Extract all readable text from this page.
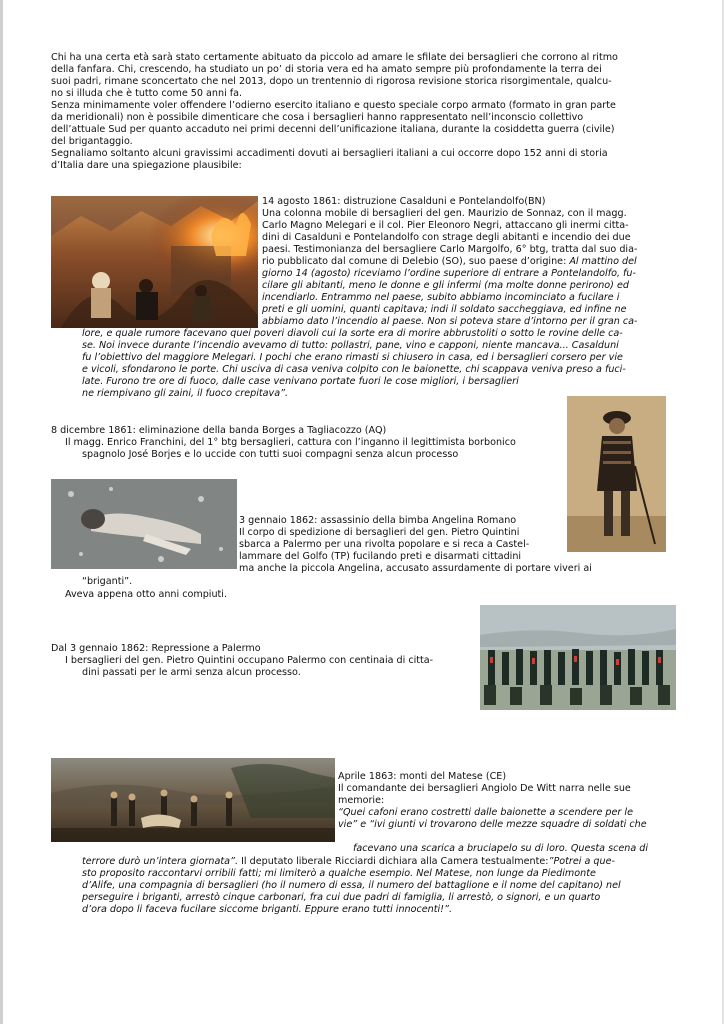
Chi ha una certa età sarà stato certamente abituato da piccolo ad amare le sfilate dei bersaglieri che corrono al ritmo
della fanfara. Chi, crescendo, ha studiato un po’ di storia vera ed ha amato sempre più profondamente la terra dei
suoi padri, rimane sconcertato che nel 2013, dopo un trentennio di rigorosa revisione storica risorgimentale, qualcu-
no si illuda che è tutto come 50 anni fa.
Senza minimamente voler offendere l’odierno esercito italiano e questo speciale corpo armato (formato in gran parte
da meridionali) non è possibile dimenticare che cosa i bersaglieri hanno rappresentato nell’inconscio collettivo
dell’attuale Sud per quanto accaduto nei primi decenni dell’unificazione italiana, durante la cosiddetta guerra (civile)
del brigantaggio.
Segnaliamo soltanto alcuni gravissimi accadimenti dovuti ai bersaglieri italiani a cui occorre dopo 152 anni di storia
d’Italia dare una spiegazione plausibile:
14 agosto 1861: distruzione Casalduni e Pontelandolfo(BN)
Una colonna mobile di bersaglieri del gen. Maurizio de Sonnaz, con il magg.
Carlo Magno Melegari e il col. Pier Eleonoro Negri, attaccano gli inermi citta-
dini di Casalduni e Pontelandolfo con strage degli abitanti e incendio dei due
paesi. Testimonianza del bersagliere Carlo Margolfo, 6° btg, tratta dal suo dia-
rio pubblicato dal comune di Delebio (SO), suo paese d’origine: Al mattino del
giorno 14 (agosto) riceviamo l’ordine superiore di entrare a Pontelandolfo, fu-
cilare gli abitanti, meno le donne e gli infermi (ma molte donne perirono) ed
incendiarlo. Entrammo nel paese, subito abbiamo incominciato a fucilare i
preti e gli uomini, quanti capitava; indi il soldato saccheggiava, ed infine ne
abbiamo dato l’incendio al paese. Non si poteva stare d’intorno per il gran ca-
lore, e quale rumore facevano quei poveri diavoli cui la sorte era di morire abbrustoliti o sotto le rovine delle ca-
se. Noi invece durante l’incendio avevamo di tutto: pollastri, pane, vino e capponi, niente mancava... Casalduni
fu l’obiettivo del maggiore Melegari. I pochi che erano rimasti si chiusero in casa, ed i bersaglieri corsero per vie
e vicoli, sfondarono le porte. Chi usciva di casa veniva colpito con le baionette, chi scappava veniva preso a fuci-
late. Furono tre ore di fuoco, dalle case venivano portate fuori le cose migliori, i bersaglieri
ne riempivano gli zaini, il fuoco crepitava”.
8 dicembre 1861: eliminazione della banda Borges a Tagliacozzo (AQ)
Il magg. Enrico Franchini, del 1° btg bersaglieri, cattura con l’inganno il legittimista borbonico
spagnolo José Borjes e lo uccide con tutti suoi compagni senza alcun processo
3 gennaio 1862: assassinio della bimba Angelina Romano
Il corpo di spedizione di bersaglieri del gen. Pietro Quintini
sbarca a Palermo per una rivolta popolare e si reca a Castel-
lammare del Golfo (TP) fucilando preti e disarmati cittadini
ma anche la piccola Angelina, accusato assurdamente di portare viveri ai
“briganti”.
Aveva appena otto anni compiuti.
Dal 3 gennaio 1862: Repressione a Palermo
I bersaglieri del gen. Pietro Quintini occupano Palermo con centinaia di citta-
dini passati per le armi senza alcun processo.
Aprile 1863: monti del Matese (CE)
Il comandante dei bersaglieri Angiolo De Witt narra nelle sue
memorie:
“Quei cafoni erano costretti dalle baionette a scendere per le
vie” e “ivi giunti vi trovarono delle mezze squadre di soldati che
facevano una scarica a bruciapelo su di loro. Questa scena di
terrore durò un’intera giornata”. Il deputato liberale Ricciardi dichiara alla Camera testualmente:”Potrei a que-
sto proposito raccontarvi orribili fatti; mi limiterò a qualche esempio. Nel Matese, non lunge da Piedimonte
d’Alife, una compagnia di bersaglieri (ho il numero di essa, il numero del battaglione e il nome del capitano) nel
perseguire i briganti, arrestò cinque carbonari, fra cui due padri di famiglia, li arrestò, o signori, e un quarto
d’ora dopo li faceva fucilare siccome briganti. Eppure erano tutti innocenti!”.
